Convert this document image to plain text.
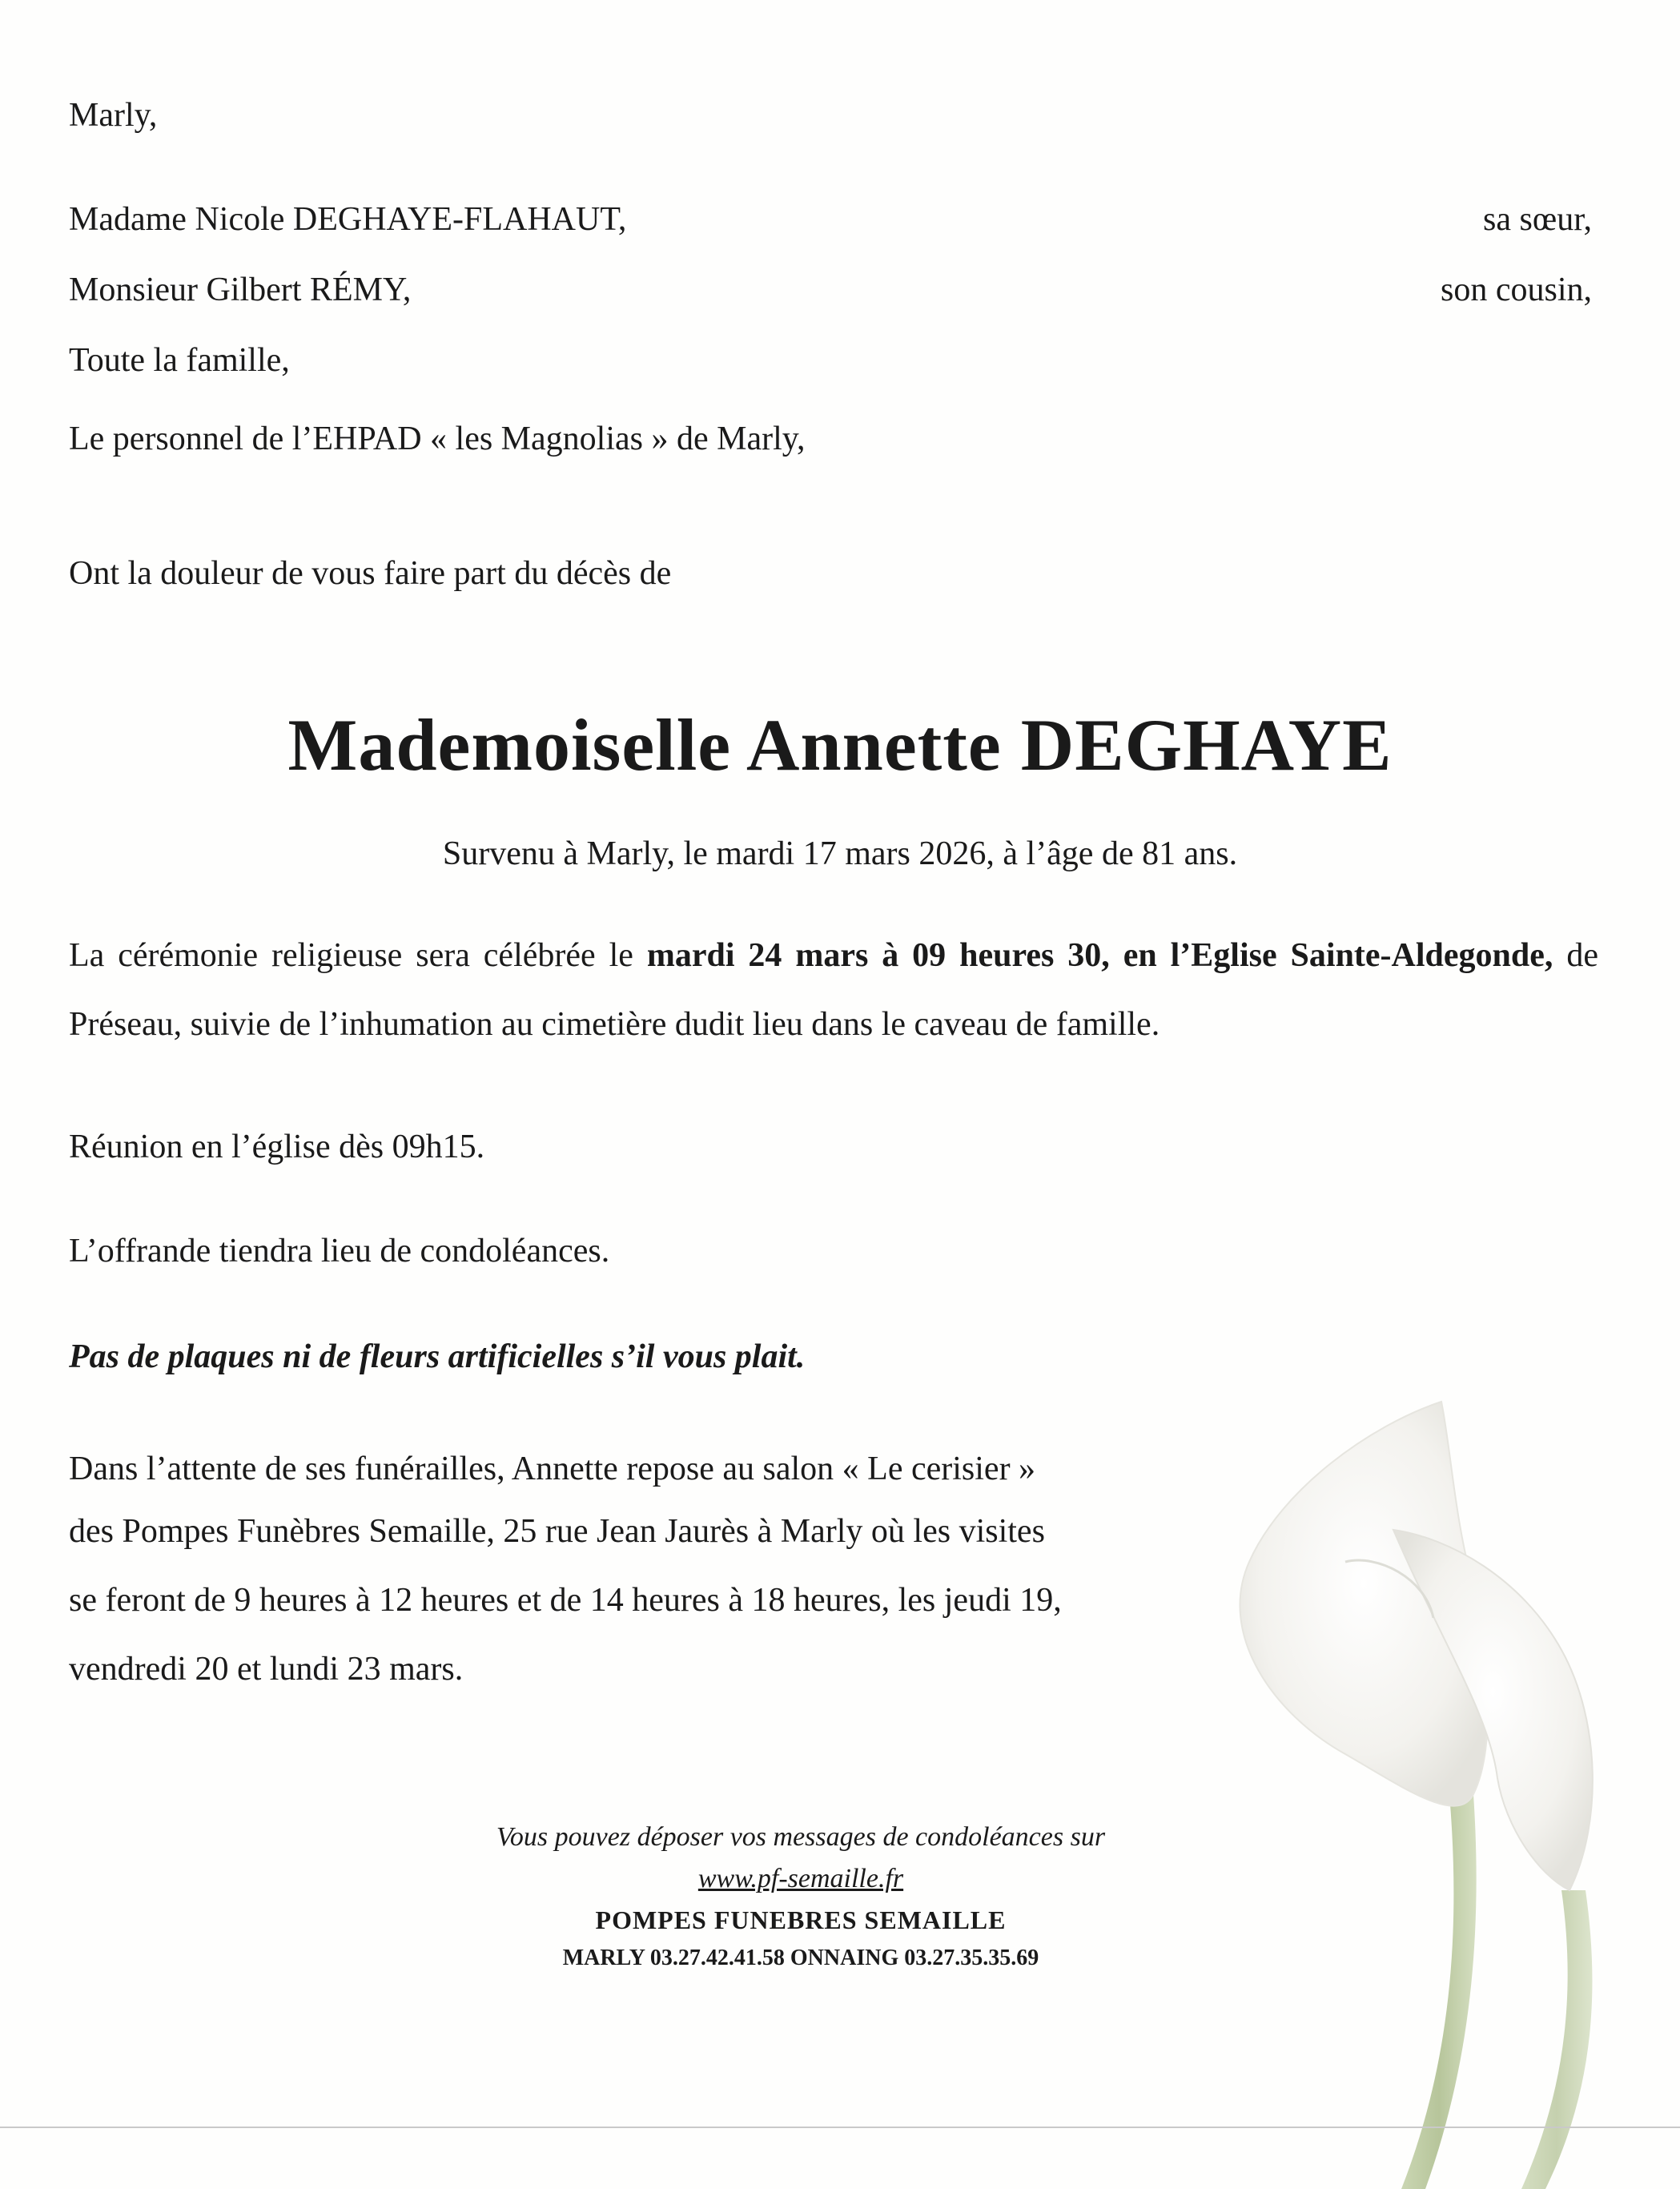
Marly,
Madame Nicole DEGHAYE-FLAHAUT,	sa sœur,
Monsieur Gilbert RÉMY,	son cousin,
Toute la famille,
Le personnel de l’EHPAD « les Magnolias » de Marly,
Ont la douleur de vous faire part du décès de
Mademoiselle Annette DEGHAYE
Survenu à Marly, le mardi 17 mars 2026, à l’âge de 81 ans.
La cérémonie religieuse sera célébrée le mardi 24 mars à 09 heures 30, en l’Eglise Sainte-Aldegonde, de Préseau, suivie de l’inhumation au cimetière dudit lieu dans le caveau de famille.
Réunion en l’église dès 09h15.
L’offrande tiendra lieu de condoléances.
Pas de plaques ni de fleurs artificielles s’il vous plait.
Dans l’attente de ses funérailles, Annette repose au salon « Le cerisier »
des Pompes Funèbres Semaille, 25 rue Jean Jaurès à Marly où les visites
se feront de 9 heures à 12 heures et de 14 heures à 18 heures, les jeudi 19,
vendredi 20 et lundi 23 mars.
Vous pouvez déposer vos messages de condoléances sur
www.pf-semaille.fr
POMPES FUNEBRES SEMAILLE
MARLY 03.27.42.41.58 ONNAING 03.27.35.35.69
